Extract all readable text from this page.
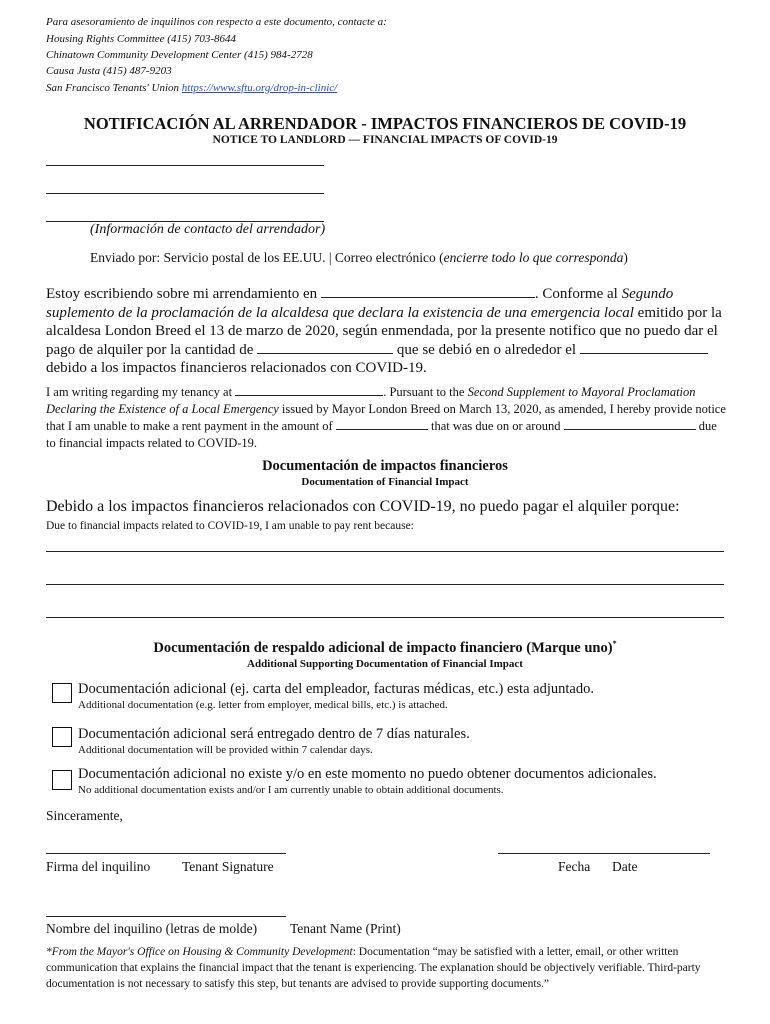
Para asesoramiento de inquilinos con respecto a este documento, contacte a:
Housing Rights Committee (415) 703-8644
Chinatown Community Development Center (415) 984-2728
Causa Justa (415) 487-9203
San Francisco Tenants' Union https://www.sftu.org/drop-in-clinic/
NOTIFICACIÓN AL ARRENDADOR - IMPACTOS FINANCIEROS DE COVID-19
NOTICE TO LANDLORD — FINANCIAL IMPACTS OF COVID-19
(Información de contacto del arrendador)
Enviado por: Servicio postal de los EE.UU. | Correo electrónico (encierre todo lo que corresponda)
Estoy escribiendo sobre mi arrendamiento en	. Conforme al Segundo suplemento de la proclamación de la alcaldesa que declara la existencia de una emergencia local emitido por la alcaldesa London Breed el 13 de marzo de 2020, según enmendada, por la presente notifico que no puedo dar el pago de alquiler por la cantidad de	que se debió en o alrededor el  debido a los impactos financieros relacionados con COVID-19.
I am writing regarding my tenancy at	. Pursuant to the Second Supplement to Mayoral Proclamation Declaring the Existence of a Local Emergency issued by Mayor London Breed on March 13, 2020, as amended, I hereby provide notice that I am unable to make a rent payment in the amount of	that was due on or around	due to financial impacts related to COVID-19.
Documentación de impactos financieros
Documentation of Financial Impact
Debido a los impactos financieros relacionados con COVID-19, no puedo pagar el alquiler porque:
Due to financial impacts related to COVID-19, I am unable to pay rent because:
Documentación de respaldo adicional de impacto financiero (Marque uno)*
Additional Supporting Documentation of Financial Impact
Documentación adicional (ej. carta del empleador, facturas médicas, etc.) esta adjuntado.
Additional documentation (e.g. letter from employer, medical bills, etc.) is attached.
Documentación adicional será entregado dentro de 7 días naturales.
Additional documentation will be provided within 7 calendar days.
Documentación adicional no existe y/o en este momento no puedo obtener documentos adicionales.
No additional documentation exists and/or I am currently unable to obtain additional documents.
Sinceramente,
Firma del inquilino Tenant Signature	Fecha Date
Nombre del inquilino (letras de molde) Tenant Name (Print)
*From the Mayor's Office on Housing & Community Development: Documentation “may be satisfied with a letter, email, or other written communication that explains the financial impact that the tenant is experiencing. The explanation should be objectively verifiable. Third-party documentation is not necessary to satisfy this step, but tenants are advised to provide supporting documents.”
